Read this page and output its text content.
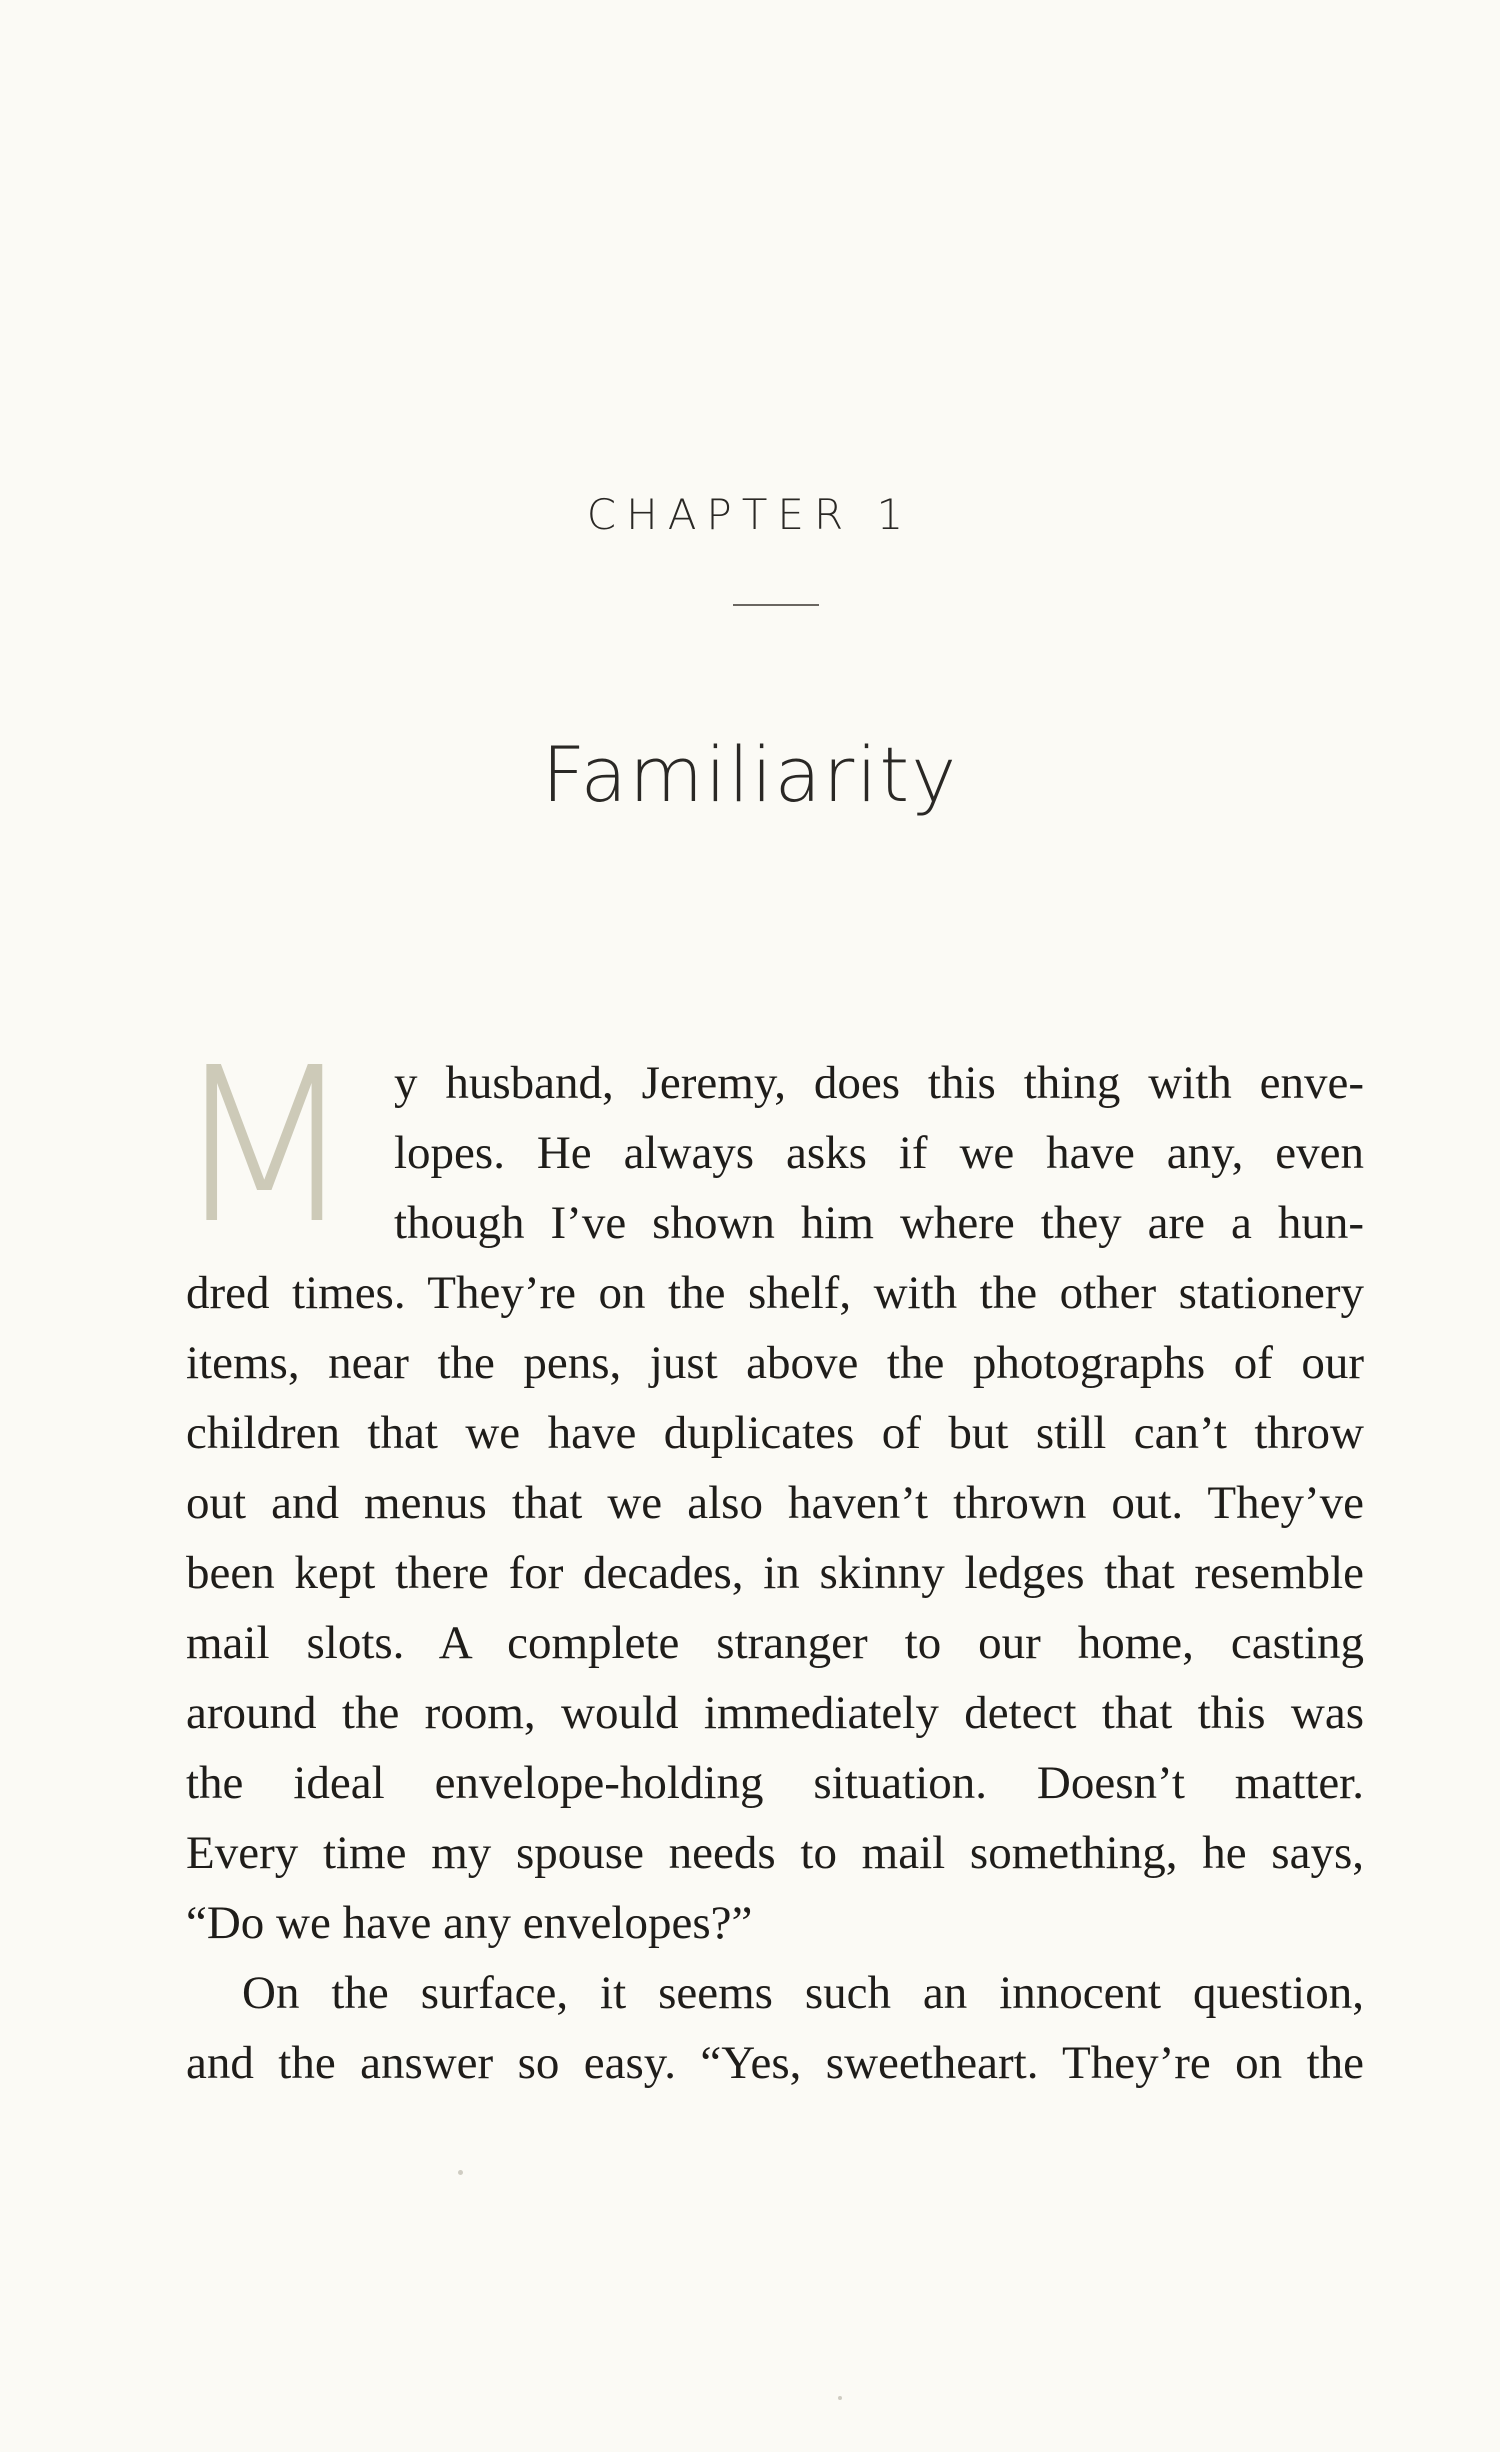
CHAPTER 1
Familiarity
M y husband, Jeremy, does this thing with enve-
lopes. He always asks if we have any, even
though I’ve shown him where they are a hun-
dred times. They’re on the shelf, with the other stationery
items, near the pens, just above the photographs of our
children that we have duplicates of but still can’t throw
out and menus that we also haven’t thrown out. They’ve
been kept there for decades, in skinny ledges that resemble
mail slots. A complete stranger to our home, casting
around the room, would immediately detect that this was
the ideal envelope-holding situation. Doesn’t matter.
Every time my spouse needs to mail something, he says,
“Do we have any envelopes?”
On the surface, it seems such an innocent question,
and the answer so easy. “Yes, sweetheart. They’re on the
